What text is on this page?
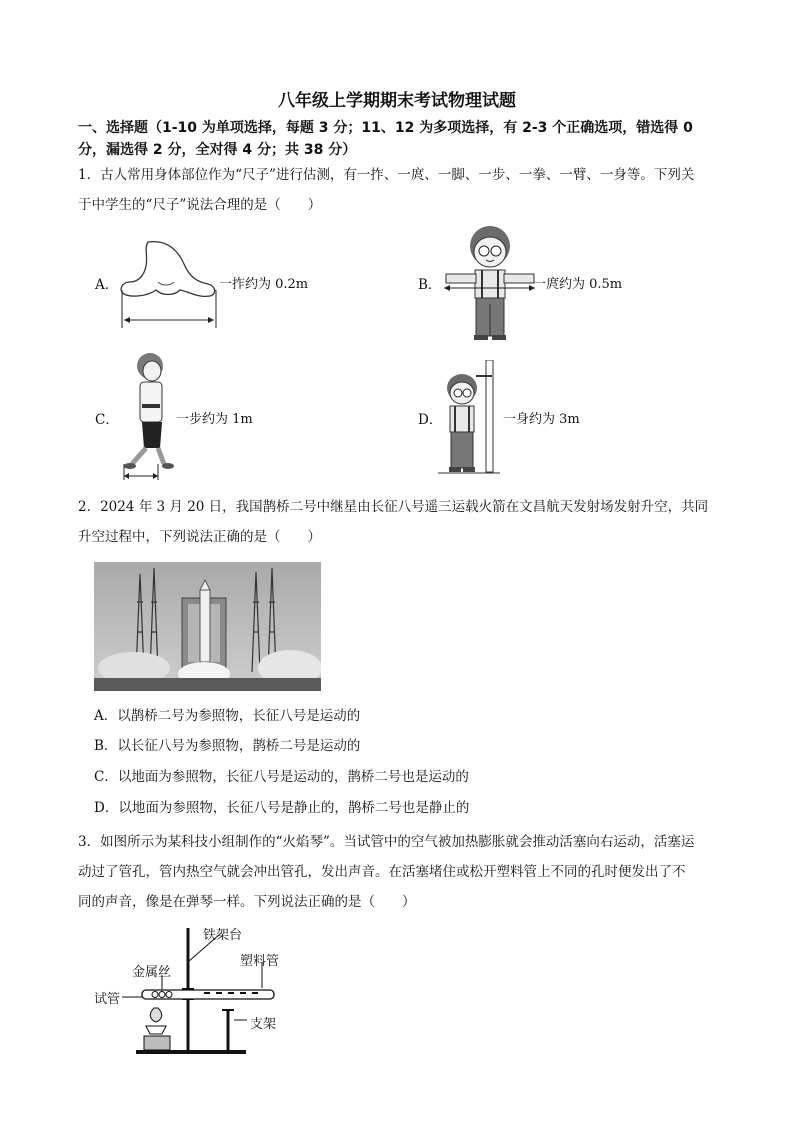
八年级上学期期末考试物理试题
一、选择题（1-10 为单项选择，每题 3 分；11、12 为多项选择，有 2-3 个正确选项，错选得 0
分，漏选得 2 分，全对得 4 分；共 38 分）
1．古人常用身体部位作为“尺子”进行估测，有一拃、一庹、一脚、一步、一拳、一臂、一身等。下列关
于中学生的“尺子”说法合理的是（　　）
A．	一拃约为 0.2m	B．	一庹约为 0.5m
C．	一步约为 1m	D．	一身约为 3m
2．2024 年 3 月 20 日，我国鹊桥二号中继星由长征八号遥三运载火箭在文昌航天发射场发射升空，共同
升空过程中，下列说法正确的是（　　）
A．以鹊桥二号为参照物，长征八号是运动的
B．以长征八号为参照物，鹊桥二号是运动的
C．以地面为参照物，长征八号是运动的，鹊桥二号也是运动的
D．以地面为参照物，长征八号是静止的，鹊桥二号也是静止的
3．如图所示为某科技小组制作的“火焰琴”。当试管中的空气被加热膨胀就会推动活塞向右运动，活塞运
动过了管孔，管内热空气就会冲出管孔，发出声音。在活塞堵住或松开塑料管上不同的孔时便发出了不
同的声音，像是在弹琴一样。下列说法正确的是（　　）
铁架台
金属丝
塑料管
试管
支架
